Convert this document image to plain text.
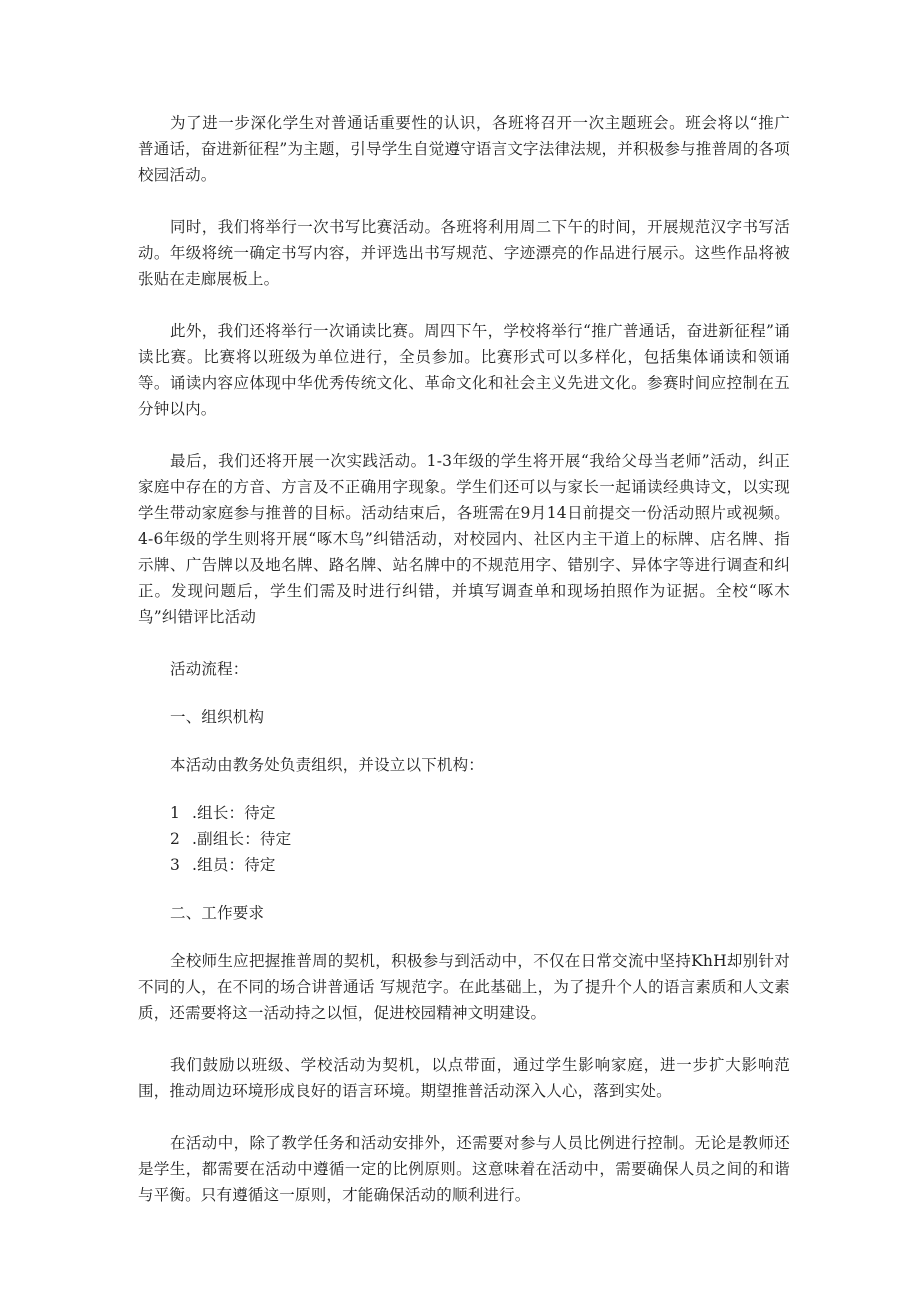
为了进一步深化学生对普通话重要性的认识，各班将召开一次主题班会。班会将以“推广普通话，奋进新征程”为主题，引导学生自觉遵守语言文字法律法规，并积极参与推普周的各项校园活动。

同时，我们将举行一次书写比赛活动。各班将利用周二下午的时间，开展规范汉字书写活动。年级将统一确定书写内容，并评选出书写规范、字迹漂亮的作品进行展示。这些作品将被张贴在走廊展板上。

此外，我们还将举行一次诵读比赛。周四下午，学校将举行“推广普通话，奋进新征程”诵读比赛。比赛将以班级为单位进行，全员参加。比赛形式可以多样化，包括集体诵读和领诵等。诵读内容应体现中华优秀传统文化、革命文化和社会主义先进文化。参赛时间应控制在五分钟以内。

最后，我们还将开展一次实践活动。1-3年级的学生将开展“我给父母当老师”活动，纠正家庭中存在的方音、方言及不正确用字现象。学生们还可以与家长一起诵读经典诗文，以实现学生带动家庭参与推普的目标。活动结束后，各班需在9月14日前提交一份活动照片或视频。4-6年级的学生则将开展“啄木鸟”纠错活动，对校园内、社区内主干道上的标牌、店名牌、指示牌、广告牌以及地名牌、路名牌、站名牌中的不规范用字、错别字、异体字等进行调查和纠正。发现问题后，学生们需及时进行纠错，并填写调查单和现场拍照作为证据。全校“啄木鸟”纠错评比活动

活动流程：

一、组织机构

本活动由教务处负责组织，并设立以下机构：

1 .组长：待定
2 .副组长：待定
3 .组员：待定

二、工作要求

全校师生应把握推普周的契机，积极参与到活动中，不仅在日常交流中坚持KhH却别针对不同的人，在不同的场合讲普通话 写规范字。在此基础上，为了提升个人的语言素质和人文素质，还需要将这一活动持之以恒，促进校园精神文明建设。

我们鼓励以班级、学校活动为契机，以点带面，通过学生影响家庭，进一步扩大影响范围，推动周边环境形成良好的语言环境。期望推普活动深入人心，落到实处。

在活动中，除了教学任务和活动安排外，还需要对参与人员比例进行控制。无论是教师还是学生，都需要在活动中遵循一定的比例原则。这意味着在活动中，需要确保人员之间的和谐与平衡。只有遵循这一原则，才能确保活动的顺利进行。
